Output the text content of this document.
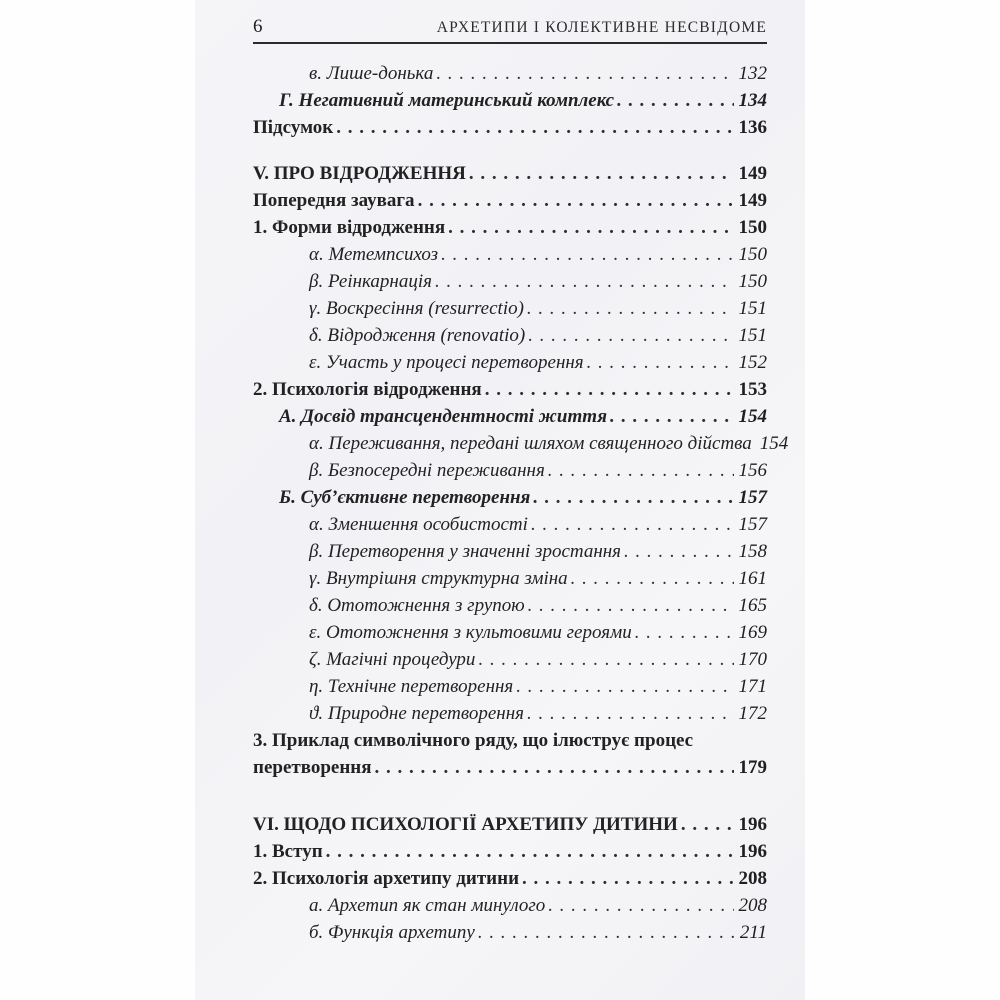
6	АРХЕТИПИ І КОЛЕКТИВНЕ НЕСВІДОМЕ
в. Лише-донька . . .	132
Г. Негативний материнський комплекс . . .	134
Підсумок . . .	136
V. ПРО ВІДРОДЖЕННЯ . . .	149
Попередня заувага . . .	149
1. Форми відродження . . .	150
α. Метемпсихоз . . .	150
β. Реінкарнація . . .	150
γ. Воскресіння (resurrectio) . . .	151
δ. Відродження (renovatio) . . .	151
ε. Участь у процесі перетворення . . .	152
2. Психологія відродження . . .	153
А. Досвід трансцендентності життя . . .	154
α. Переживання, передані шляхом священного дійства 154
β. Безпосередні переживання . . .	156
Б. Суб’єктивне перетворення . . .	157
α. Зменшення особистості . . .	157
β. Перетворення у значенні зростання . . .	158
γ. Внутрішня структурна зміна . . .	161
δ. Ототожнення з групою . . .	165
ε. Ототожнення з культовими героями . . .	169
ζ. Магічні процедури . . .	170
η. Технічне перетворення . . .	171
ϑ. Природне перетворення . . .	172
3. Приклад символічного ряду, що ілюструє процес
перетворення . . .	179
VI. ЩОДО ПСИХОЛОГІЇ АРХЕТИПУ ДИТИНИ . . .	196
1. Вступ . . .	196
2. Психологія архетипу дитини . . .	208
а. Архетип як стан минулого . . .	208
б. Функція архетипу . . .	211
